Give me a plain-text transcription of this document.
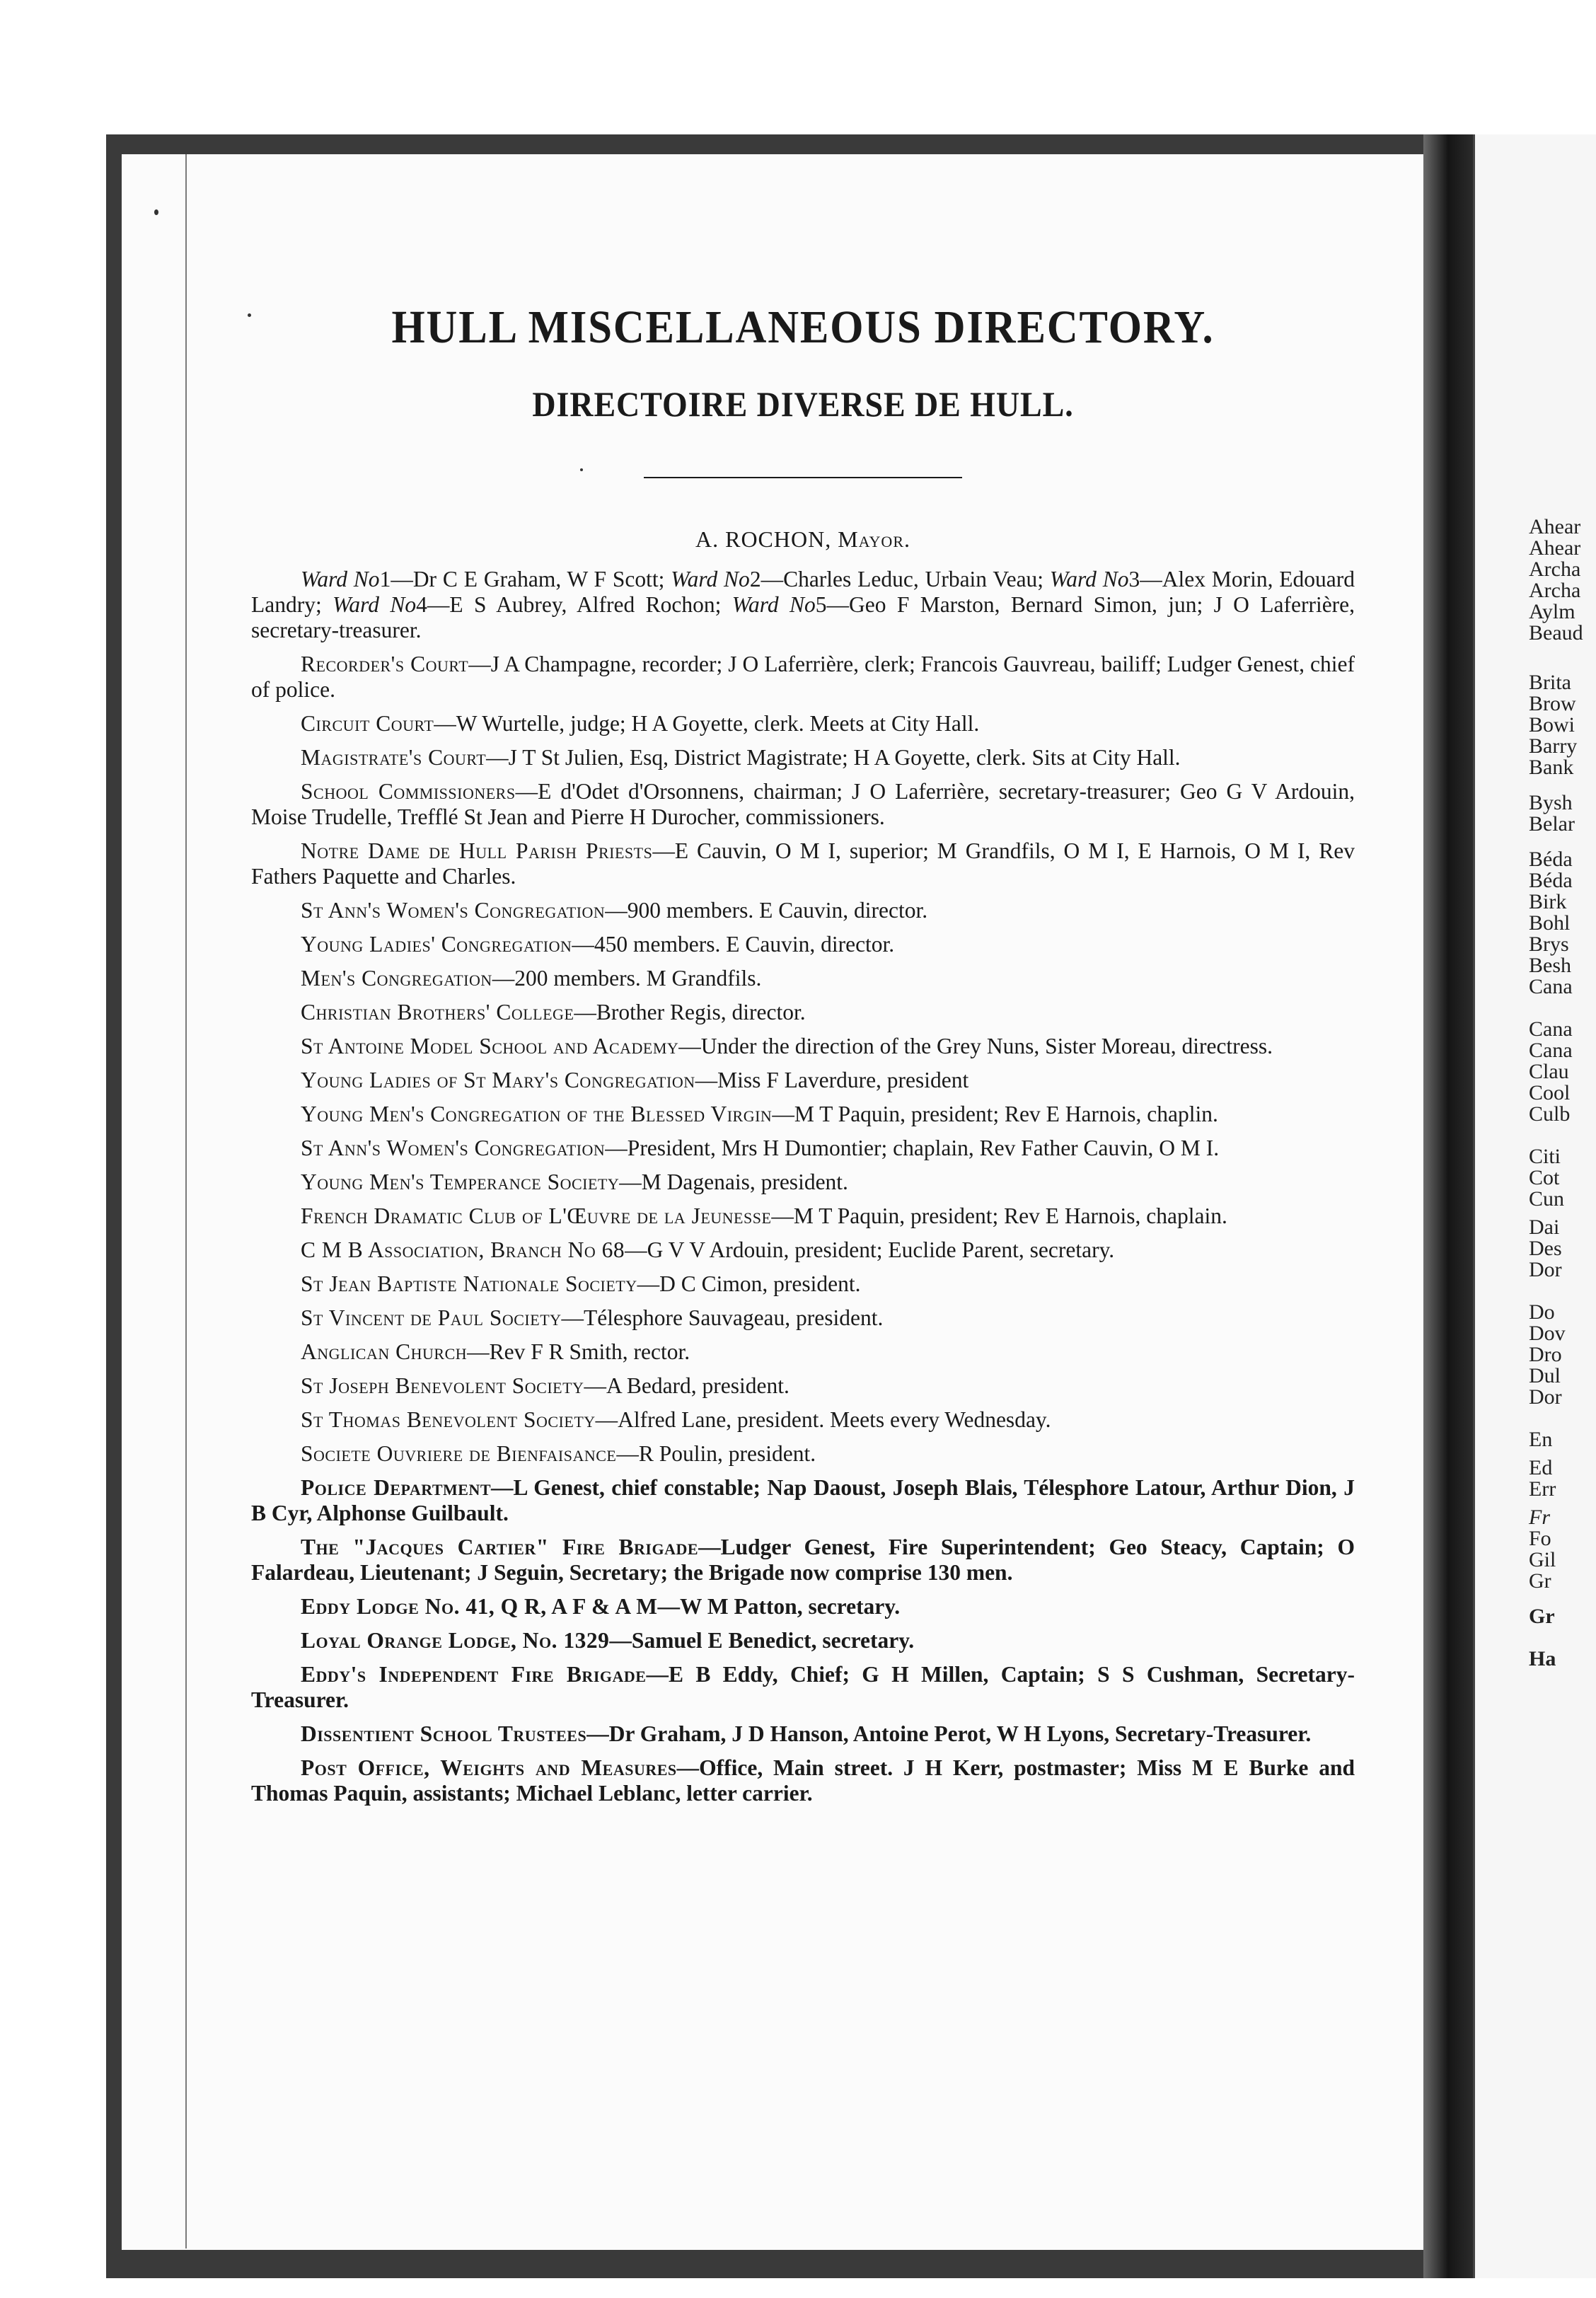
Ahear
Ahear
Archa
Archa
Aylm
Beaud
Brita
Brow
Bowi
Barry
Bank
Bysh
Belar
Béda
Béda
Birk
Bohl
Brys
Besh
Cana
Cana
Cana
Clau
Cool
Culb
Citi
Cot
Cun
Dai
Des
Dor
Do
Dov
Dro
Dul
Dor
En
Ed
Err
Fr
Fo
Gil
Gr
Gr
Ha
HULL MISCELLANEOUS DIRECTORY.
DIRECTOIRE DIVERSE DE HULL.
A. ROCHON, Mayor.

Ward No1—Dr C E Graham, W F Scott; Ward No2—Charles Leduc, Urbain Veau; Ward No3—Alex Morin, Edouard Landry; Ward No4—E S Aubrey, Alfred Rochon; Ward No5—Geo F Marston, Bernard Simon, jun; J O Laferrière, secretary-treasurer.

Recorder's Court—J A Champagne, recorder; J O Laferrière, clerk; Francois Gauvreau, bailiff; Ludger Genest, chief of police.

Circuit Court—W Wurtelle, judge; H A Goyette, clerk. Meets at City Hall.

Magistrate's Court—J T St Julien, Esq, District Magistrate; H A Goyette, clerk. Sits at City Hall.

School Commissioners—E d'Odet d'Orsonnens, chairman; J O Laferrière, secretary-treasurer; Geo G V Ardouin, Moise Trudelle, Trefflé St Jean and Pierre H Durocher, commissioners.

Notre Dame de Hull Parish Priests—E Cauvin, O M I, superior; M Grandfils, O M I, E Harnois, O M I, Rev Fathers Paquette and Charles.

St Ann's Women's Congregation—900 members. E Cauvin, director.

Young Ladies' Congregation—450 members. E Cauvin, director.

Men's Congregation—200 members. M Grandfils.

Christian Brothers' College—Brother Regis, director.

St Antoine Model School and Academy—Under the direction of the Grey Nuns, Sister Moreau, directress.

Young Ladies of St Mary's Congregation—Miss F Laverdure, president

Young Men's Congregation of the Blessed Virgin—M T Paquin, president; Rev E Harnois, chaplin.

St Ann's Women's Congregation—President, Mrs H Dumontier; chaplain, Rev Father Cauvin, O M I.

Young Men's Temperance Society—M Dagenais, president.

French Dramatic Club of L'Œuvre de la Jeunesse—M T Paquin, president; Rev E Harnois, chaplain.

C M B Association, Branch No 68—G V V Ardouin, president; Euclide Parent, secretary.

St Jean Baptiste Nationale Society—D C Cimon, president.

St Vincent de Paul Society—Télesphore Sauvageau, president.

Anglican Church—Rev F R Smith, rector.

St Joseph Benevolent Society—A Bedard, president.

St Thomas Benevolent Society—Alfred Lane, president. Meets every Wednesday.

Societe Ouvriere de Bienfaisance—R Poulin, president.

Police Department—L Genest, chief constable; Nap Daoust, Joseph Blais, Télesphore Latour, Arthur Dion, J B Cyr, Alphonse Guilbault.

The "Jacques Cartier" Fire Brigade—Ludger Genest, Fire Superintendent; Geo Steacy, Captain; O Falardeau, Lieutenant; J Seguin, Secretary; the Brigade now comprise 130 men.

Eddy Lodge No. 41, Q R, A F & A M—W M Patton, secretary.

Loyal Orange Lodge, No. 1329—Samuel E Benedict, secretary.

Eddy's Independent Fire Brigade—E B Eddy, Chief; G H Millen, Captain; S S Cushman, Secretary-Treasurer.

Dissentient School Trustees—Dr Graham, J D Hanson, Antoine Perot, W H Lyons, Secretary-Treasurer.

Post Office, Weights and Measures—Office, Main street. J H Kerr, postmaster; Miss M E Burke and Thomas Paquin, assistants; Michael Leblanc, letter carrier.
